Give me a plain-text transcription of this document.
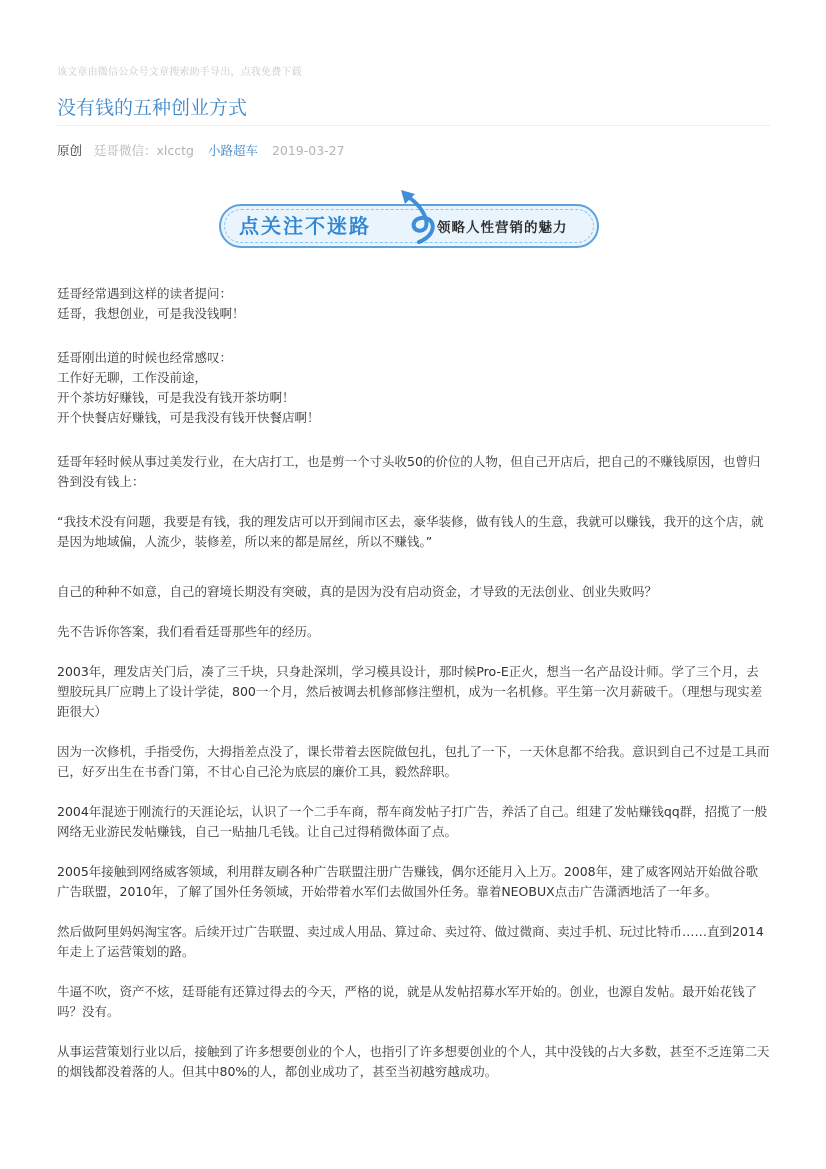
该文章由微信公众号文章搜索助手导出，点我免费下载
没有钱的五种创业方式
原创 廷哥微信：xlcctg 小路超车 2019-03-27
点关注不迷路	领略人性营销的魅力

廷哥经常遇到这样的读者提问：

廷哥，我想创业，可是我没钱啊！

廷哥刚出道的时候也经常感叹：

工作好无聊，工作没前途，

开个茶坊好赚钱，可是我没有钱开茶坊啊！

开个快餐店好赚钱，可是我没有钱开快餐店啊！

廷哥年轻时候从事过美发行业，在大店打工，也是剪一个寸头收50的价位的人物，但自己开店后，把自己的不赚钱原因，也曾归咎到没有钱上：

“我技术没有问题，我要是有钱，我的理发店可以开到闹市区去，豪华装修，做有钱人的生意，我就可以赚钱，我开的这个店，就是因为地域偏，人流少，装修差，所以来的都是屌丝，所以不赚钱。”

自己的种种不如意，自己的窘境长期没有突破，真的是因为没有启动资金，才导致的无法创业、创业失败吗？

先不告诉你答案，我们看看廷哥那些年的经历。

2003年，理发店关门后，凑了三千块，只身赴深圳，学习模具设计，那时候Pro-E正火，想当一名产品设计师。学了三个月，去塑胶玩具厂应聘上了设计学徒，800一个月，然后被调去机修部修注塑机，成为一名机修。平生第一次月薪破千。（理想与现实差距很大）

因为一次修机，手指受伤，大拇指差点没了，课长带着去医院做包扎，包扎了一下，一天休息都不给我。意识到自己不过是工具而已，好歹出生在书香门第，不甘心自己沦为底层的廉价工具，毅然辞职。

2004年混迹于刚流行的天涯论坛，认识了一个二手车商，帮车商发帖子打广告，养活了自己。组建了发帖赚钱qq群，招揽了一般网络无业游民发帖赚钱，自己一贴抽几毛钱。让自己过得稍微体面了点。

2005年接触到网络威客领域，利用群友刷各种广告联盟注册广告赚钱，偶尔还能月入上万。2008年，建了威客网站开始做谷歌广告联盟，2010年，了解了国外任务领域，开始带着水军们去做国外任务。靠着NEOBUX点击广告潇洒地活了一年多。

然后做阿里妈妈淘宝客。后续开过广告联盟、卖过成人用品、算过命、卖过符、做过微商、卖过手机、玩过比特币……直到2014年走上了运营策划的路。

牛逼不吹，资产不炫，廷哥能有还算过得去的今天，严格的说，就是从发帖招募水军开始的。创业，也源自发帖。最开始花钱了吗？没有。

从事运营策划行业以后，接触到了许多想要创业的个人，也指引了许多想要创业的个人，其中没钱的占大多数，甚至不乏连第二天的烟钱都没着落的人。但其中80%的人，都创业成功了，甚至当初越穷越成功。
